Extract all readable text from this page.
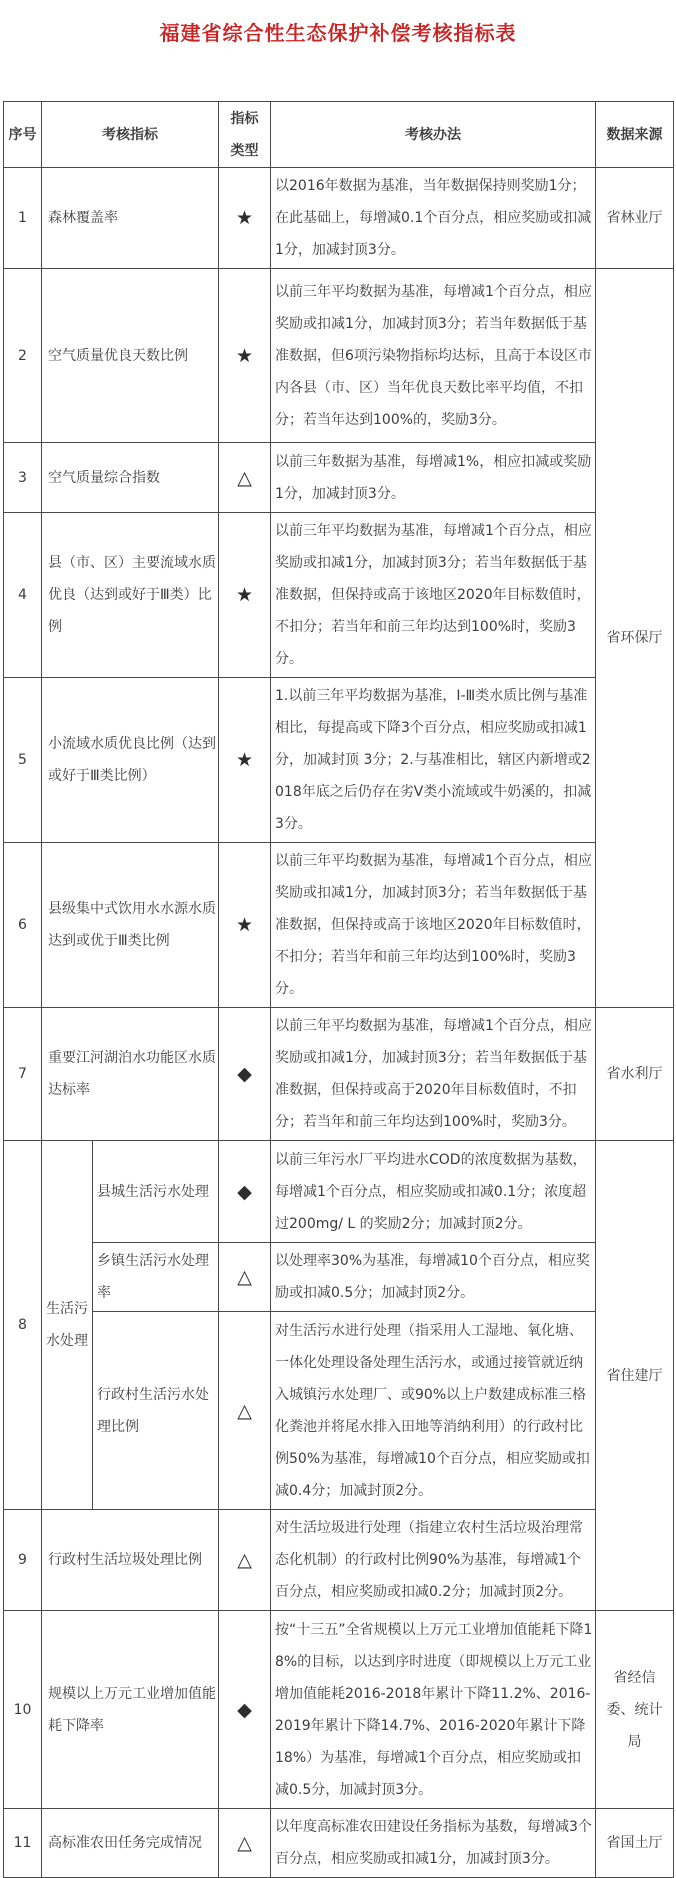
福建省综合性生态保护补偿考核指标表
序号	考核指标		指标类型	考核办法	数据来源
1	森林覆盖率		★	以2016年数据为基准，当年数据保持则奖励1分；在此基础上，每增减0.1个百分点，相应奖励或扣减1分，加减封顶3分。	省林业厅
2	空气质量优良天数比例		★	以前三年平均数据为基准，每增减1个百分点，相应奖励或扣减1分，加减封顶3分；若当年数据低于基准数据，但6项污染物指标均达标，且高于本设区市内各县（市、区）当年优良天数比率平均值，不扣分；若当年达到100%的，奖励3分。	省环保厅
3	空气质量综合指数		△	以前三年数据为基准，每增减1%，相应扣减或奖励1分，加减封顶3分。	
4	县（市、区）主要流域水质优良（达到或好于Ⅲ类）比例		★	以前三年平均数据为基准，每增减1个百分点，相应奖励或扣减1分，加减封顶3分；若当年数据低于基准数据，但保持或高于该地区2020年目标数值时，不扣分；若当年和前三年均达到100%时，奖励3分。	
5	小流域水质优良比例（达到或好于Ⅲ类比例）		★	1.以前三年平均数据为基准，I-Ⅲ类水质比例与基准相比，每提高或下降3个百分点，相应奖励或扣减1分，加减封顶 3分；2.与基准相比，辖区内新增或2018年底之后仍存在劣V类小流域或牛奶溪的，扣减3分。	
6	县级集中式饮用水水源水质达到或优于Ⅲ类比例		★	以前三年平均数据为基准，每增减1个百分点，相应奖励或扣减1分，加减封顶3分；若当年数据低于基准数据，但保持或高于该地区2020年目标数值时，不扣分；若当年和前三年均达到100%时，奖励3分。	
7	重要江河湖泊水功能区水质达标率		◆	以前三年平均数据为基准，每增减1个百分点，相应奖励或扣减1分，加减封顶3分；若当年数据低于基准数据，但保持或高于2020年目标数值时，不扣分；若当年和前三年均达到100%时，奖励3分。	省水利厅
8	生活污水处理	县城生活污水处理	◆	以前三年污水厂平均进水COD的浓度数据为基数，每增减1个百分点，相应奖励或扣减0.1分；浓度超过200mg/ L 的奖励2分；加减封顶2分。	省住建厅
		乡镇生活污水处理率	△	以处理率30%为基准，每增减10个百分点，相应奖励或扣减0.5分；加减封顶2分。	
		行政村生活污水处理比例	△	对生活污水进行处理（指采用人工湿地、氧化塘、一体化处理设备处理生活污水，或通过接管就近纳入城镇污水处理厂、或90%以上户数建成标准三格化粪池并将尾水排入田地等消纳利用）的行政村比例50%为基准，每增减10个百分点，相应奖励或扣减0.4分；加减封顶2分。	
9	行政村生活垃圾处理比例		△	对生活垃圾进行处理（指建立农村生活垃圾治理常态化机制）的行政村比例90%为基准，每增减1个百分点，相应奖励或扣减0.2分；加减封顶2分。	
10	规模以上万元工业增加值能耗下降率		◆	按“十三五”全省规模以上万元工业增加值能耗下降18%的目标，以达到序时进度（即规模以上万元工业增加值能耗2016-2018年累计下降11.2%、2016-2019年累计下降14.7%、2016-2020年累计下降18%）为基准，每增减1个百分点，相应奖励或扣减0.5分，加减封顶3分。	省经信委、统计局
11	高标准农田任务完成情况		△	以年度高标准农田建设任务指标为基数，每增减3个百分点，相应奖励或扣减1分，加减封顶3分。	省国土厅
